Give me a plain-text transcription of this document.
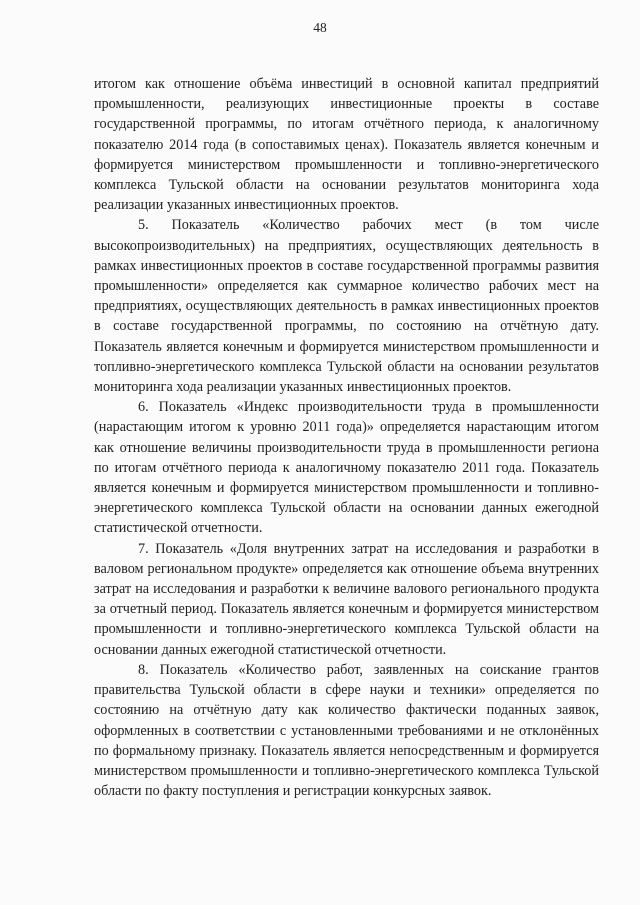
48

итогом как отношение объёма инвестиций в основной капитал предприятий промышленности, реализующих инвестиционные проекты в составе государственной программы, по итогам отчётного периода, к аналогичному показателю 2014 года (в сопоставимых ценах). Показатель является конечным и формируется министерством промышленности и топливно-энергетического комплекса Тульской области на основании результатов мониторинга хода реализации указанных инвестиционных проектов.

5. Показатель «Количество рабочих мест (в том числе высокопроизводительных) на предприятиях, осуществляющих деятельность в рамках инвестиционных проектов в составе государственной программы развития промышленности» определяется как суммарное количество рабочих мест на предприятиях, осуществляющих деятельность в рамках инвестиционных проектов в составе государственной программы, по состоянию на отчётную дату. Показатель является конечным и формируется министерством промышленности и топливно-энергетического комплекса Тульской области на основании результатов мониторинга хода реализации указанных инвестиционных проектов.

6. Показатель «Индекс производительности труда в промышленности (нарастающим итогом к уровню 2011 года)» определяется нарастающим итогом как отношение величины производительности труда в промышленности региона по итогам отчётного периода к аналогичному показателю 2011 года. Показатель является конечным и формируется министерством промышленности и топливно-энергетического комплекса Тульской области на основании данных ежегодной статистической отчетности.

7. Показатель «Доля внутренних затрат на исследования и разработки в валовом региональном продукте» определяется как отношение объема внутренних затрат на исследования и разработки к величине валового регионального продукта за отчетный период. Показатель является конечным и формируется министерством промышленности и топливно-энергетического комплекса Тульской области на основании данных ежегодной статистической отчетности.

8. Показатель «Количество работ, заявленных на соискание грантов правительства Тульской области в сфере науки и техники» определяется по состоянию на отчётную дату как количество фактически поданных заявок, оформленных в соответствии с установленными требованиями и не отклонённых по формальному признаку. Показатель является непосредственным и формируется министерством промышленности и топливно-энергетического комплекса Тульской области по факту поступления и регистрации конкурсных заявок.
